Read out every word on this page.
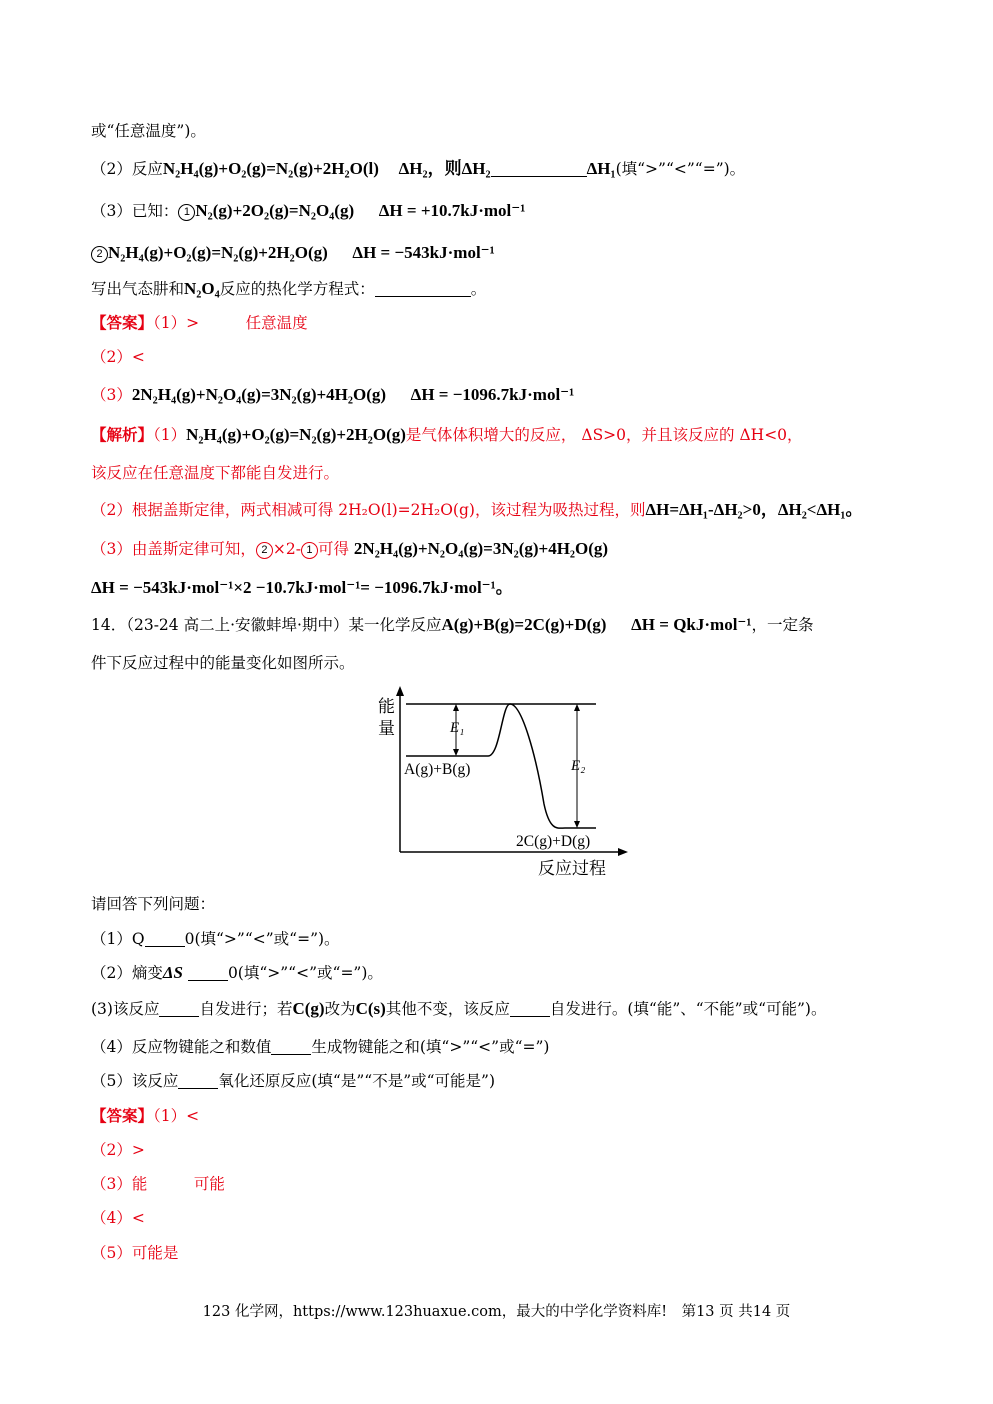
或“任意温度”)。
（2）反应N₂H₄(g)+O₂(g)=N₂(g)+2H₂O(l) ΔH₂，则ΔH₂	ΔH₁(填“>”“<”“=”)。
（3）已知： 1 N₂(g)+2O₂(g)=N₂O₄(g) ΔH = +10.7kJ·mol⁻¹
2 N₂H₄(g)+O₂(g)=N₂(g)+2H₂O(g) ΔH = −543kJ·mol⁻¹
写出气态肼和N₂O₄反应的热化学方程式：	。
【答案】（1）>　　　任意温度
（2）<
（3）2N₂H₄(g)+N₂O₄(g)=3N₂(g)+4H₂O(g) ΔH = −1096.7kJ·mol⁻¹
【解析】（1）N₂H₄(g)+O₂(g)=N₂(g)+2H₂O(g)是气体体积增大的反应， ΔS>0，并且该反应的 ΔH<0，
该反应在任意温度下都能自发进行。
（2）根据盖斯定律，两式相减可得 2H₂O(l)=2H₂O(g)，该过程为吸热过程，则ΔH=ΔH₁-ΔH₂>0，ΔH₂<ΔH₁。
（3）由盖斯定律可知， 2 ×2- 1 可得 2N₂H₄(g)+N₂O₄(g)=3N₂(g)+4H₂O(g)
ΔH = −543kJ·mol⁻¹×2 −10.7kJ·mol⁻¹= −1096.7kJ·mol⁻¹。
14．（23-24 高二上·安徽蚌埠·期中）某一化学反应A(g)+B(g)=2C(g)+D(g) ΔH = QkJ·mol⁻¹，一定条
件下反应过程中的能量变化如图所示。
能
量
反应过程
E₁
E₂
A(g)+B(g)
2C(g)+D(g)
请回答下列问题：
（1）Q	0(填“>”“<”或“=”)。
（2）熵变ΔS	0(填“>”“<”或“=”)。
(3)该反应	自发进行；若C(g)改为C(s)其他不变，该反应	自发进行。(填“能”、“不能”或“可能”)。
（4）反应物键能之和数值	生成物键能之和(填“>”“<”或“=”)
（5）该反应	氧化还原反应(填“是”“不是”或“可能是”)
【答案】（1）<
（2）>
（3）能　　　可能
（4）<
（5）可能是
123 化学网，https://www.123huaxue.com，最大的中学化学资料库!　第13 页 共14 页
